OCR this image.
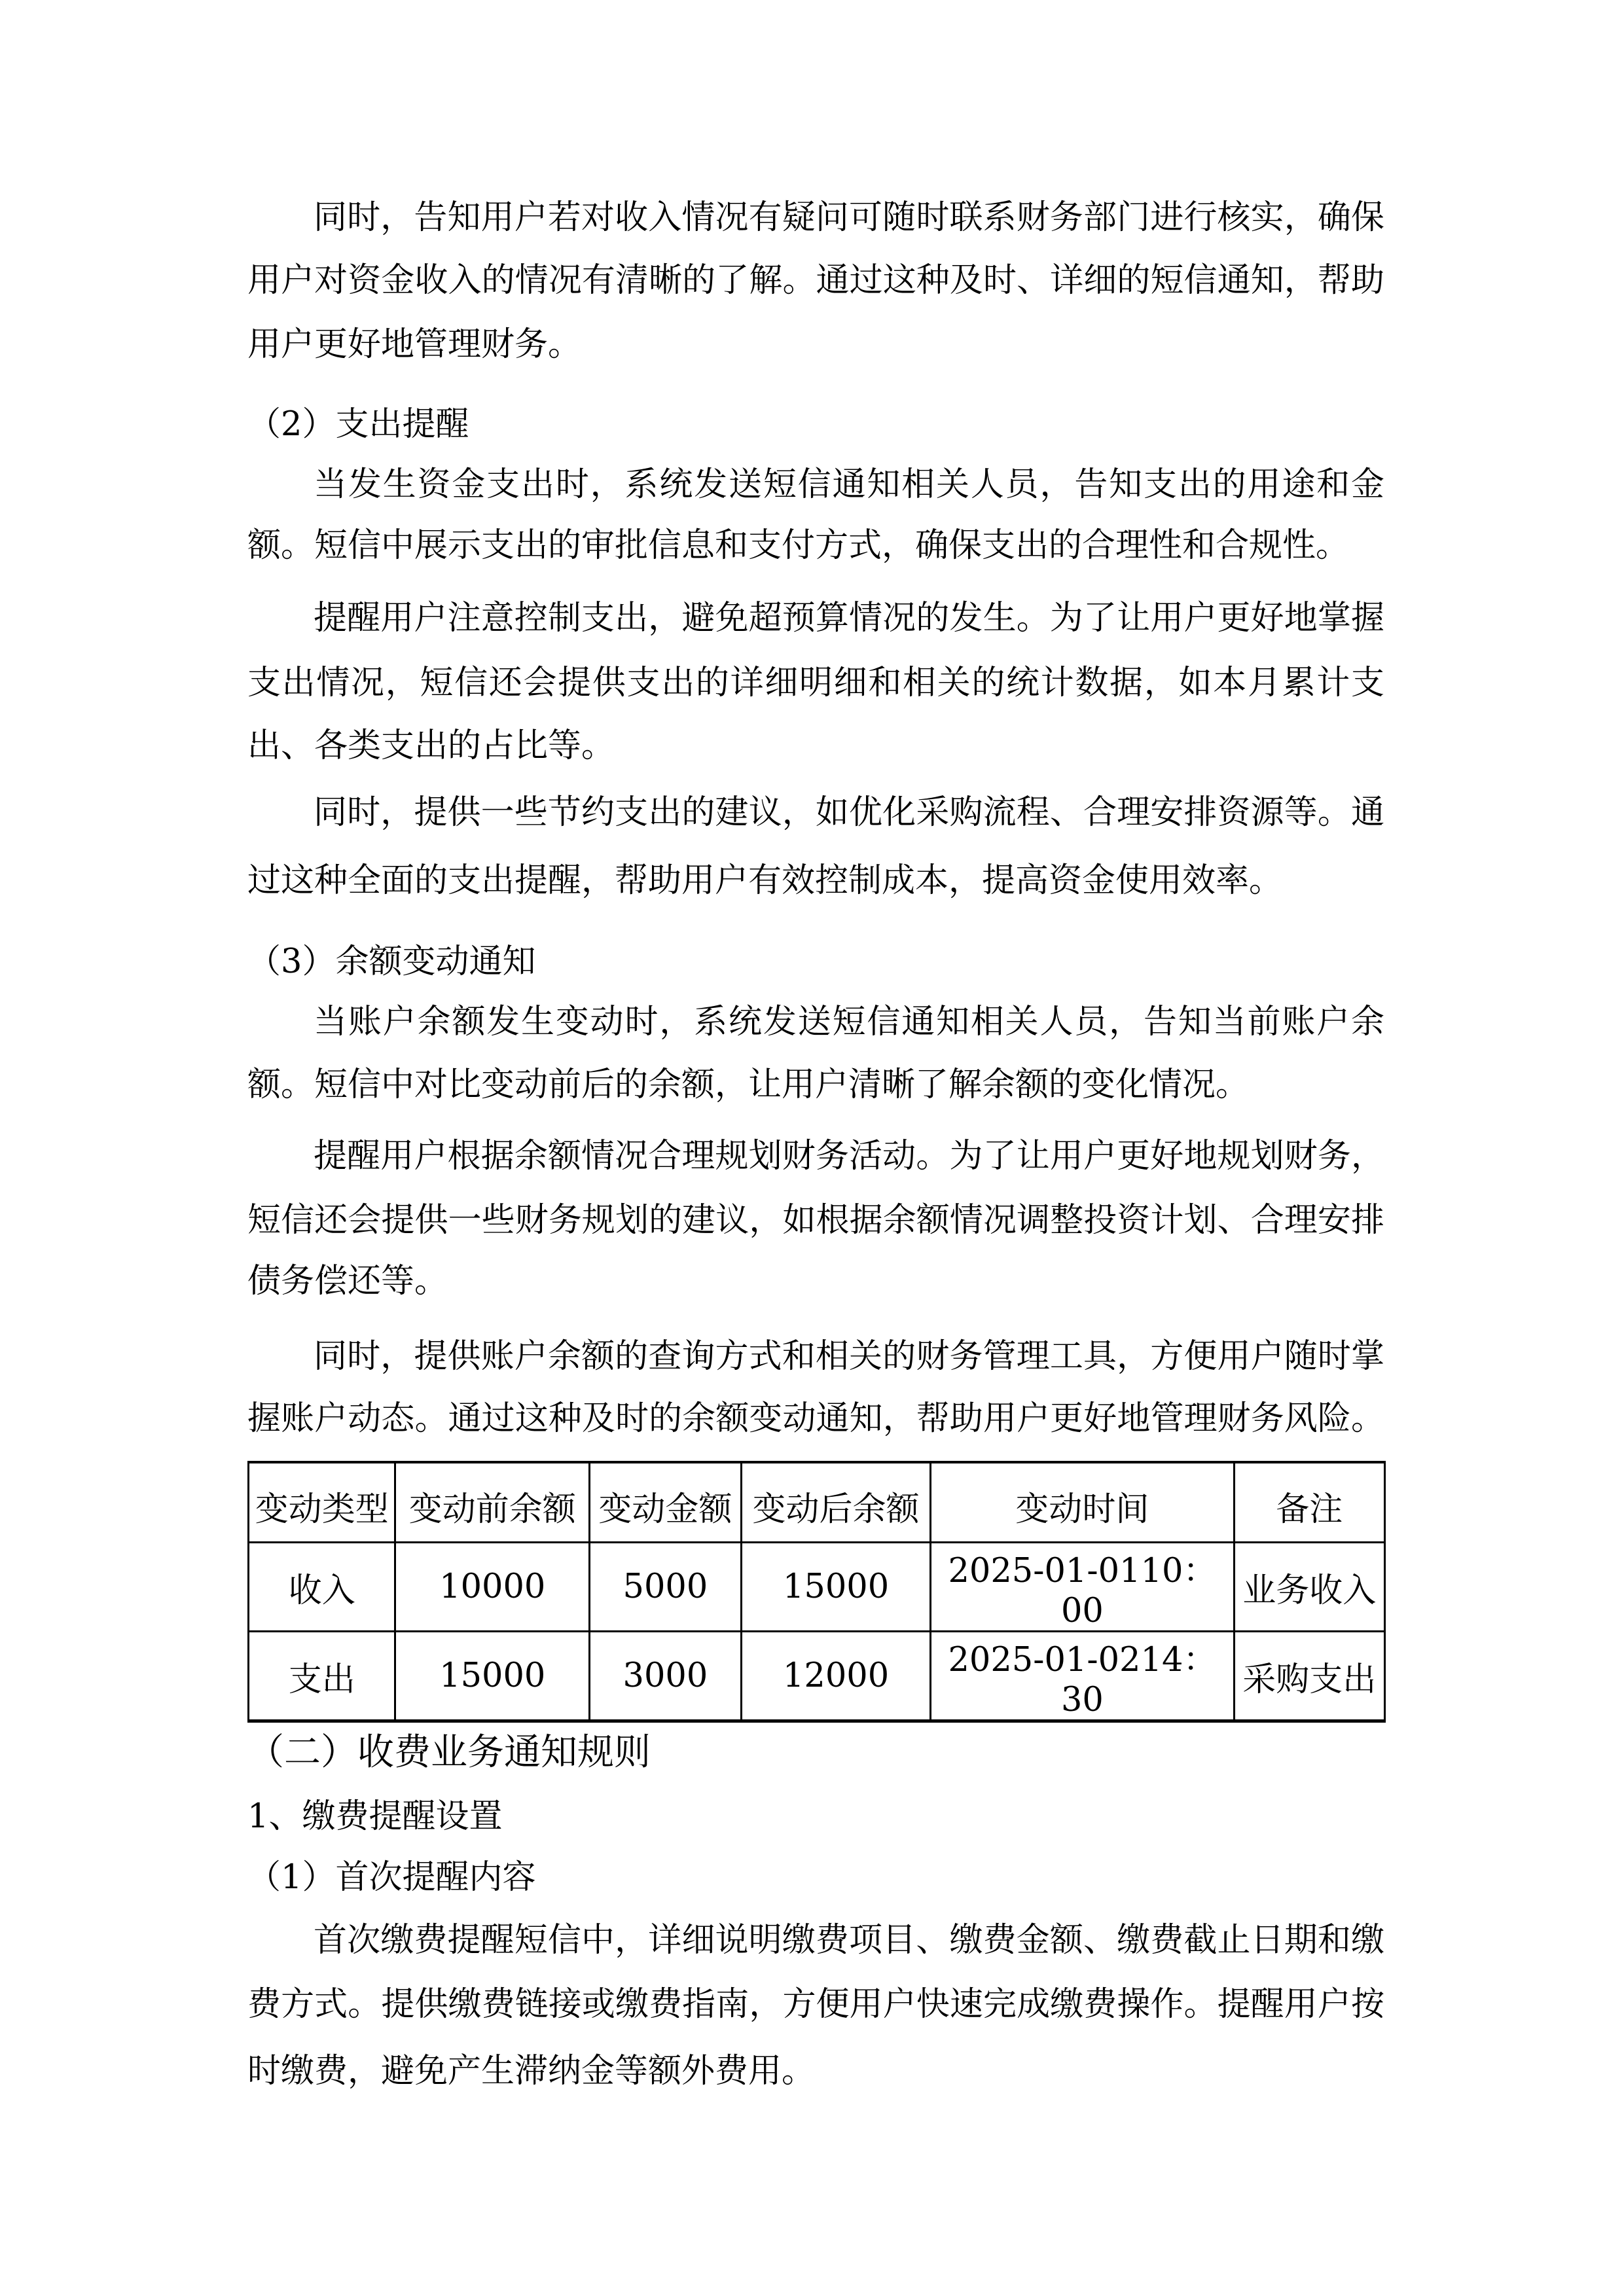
同时，告知用户若对收入情况有疑问可随时联系财务部门进行核实，确保
用户对资金收入的情况有清晰的了解。通过这种及时、详细的短信通知，帮助
用户更好地管理财务。
（2）支出提醒
当发生资金支出时，系统发送短信通知相关人员，告知支出的用途和金
额。短信中展示支出的审批信息和支付方式，确保支出的合理性和合规性。
提醒用户注意控制支出，避免超预算情况的发生。为了让用户更好地掌握
支出情况，短信还会提供支出的详细明细和相关的统计数据，如本月累计支
出、各类支出的占比等。
同时，提供一些节约支出的建议，如优化采购流程、合理安排资源等。通
过这种全面的支出提醒，帮助用户有效控制成本，提高资金使用效率。
（3）余额变动通知
当账户余额发生变动时，系统发送短信通知相关人员，告知当前账户余
额。短信中对比变动前后的余额，让用户清晰了解余额的变化情况。
提醒用户根据余额情况合理规划财务活动。为了让用户更好地规划财务，
短信还会提供一些财务规划的建议，如根据余额情况调整投资计划、合理安排
债务偿还等。
同时，提供账户余额的查询方式和相关的财务管理工具，方便用户随时掌
握账户动态。通过这种及时的余额变动通知，帮助用户更好地管理财务风险。
变动类型	变动前余额	变动金额	变动后余额	变动时间	备注
收入	10000	5000	15000	2025-01-0110：00	业务收入
支出	15000	3000	12000	2025-01-0214：30	采购支出
（二）收费业务通知规则
1、缴费提醒设置
（1）首次提醒内容
首次缴费提醒短信中，详细说明缴费项目、缴费金额、缴费截止日期和缴
费方式。提供缴费链接或缴费指南，方便用户快速完成缴费操作。提醒用户按
时缴费，避免产生滞纳金等额外费用。
